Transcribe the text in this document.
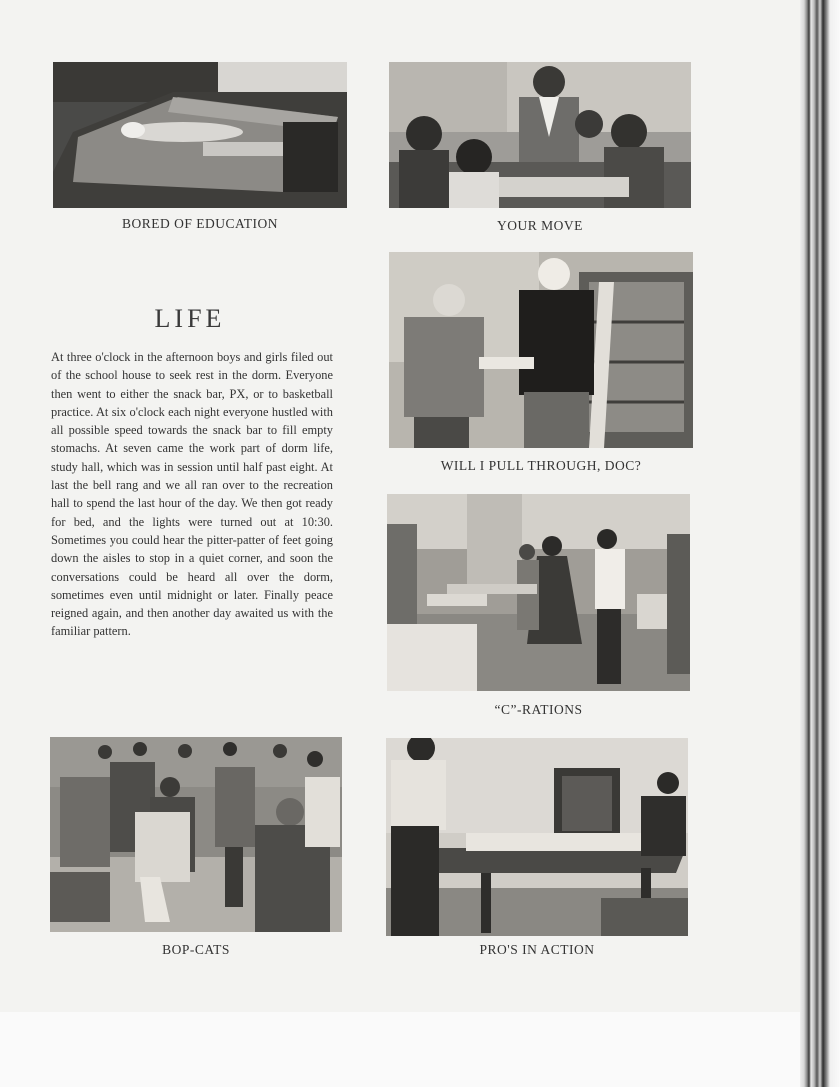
BORED OF EDUCATION	YOUR MOVE
LIFE

At three o'clock in the afternoon boys and girls filed out of the school house to seek rest in the dorm. Everyone then went to either the snack bar, PX, or to basketball practice. At six o'clock each night everyone hustled with all possible speed towards the snack bar to fill empty stomachs. At seven came the work part of dorm life, study hall, which was in session until half past eight. At last the bell rang and we all ran over to the recreation hall to spend the last hour of the day. We then got ready for bed, and the lights were turned out at 10:30. Sometimes you could hear the pitter-patter of feet going down the aisles to stop in a quiet corner, and soon the conversations could be heard all over the dorm, sometimes even until midnight or later. Finally peace reigned again, and then another day awaited us with the familiar pattern.

WILL I PULL THROUGH, DOC?
“C”-RATIONS
BOP-CATS	PRO'S IN ACTION
